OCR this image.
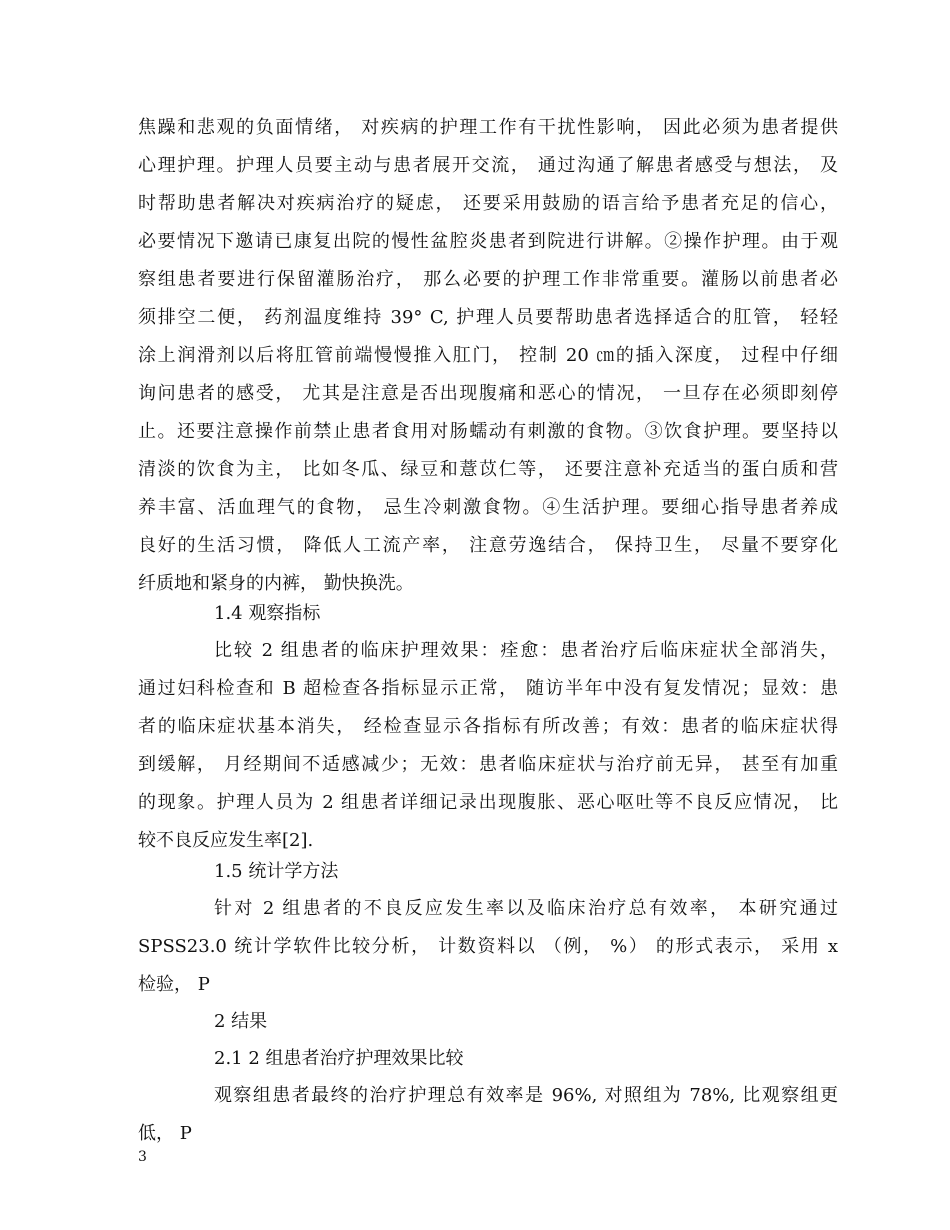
焦躁和悲观的负面情绪， 对疾病的护理工作有干扰性影响， 因此必须为患者提供
心理护理。护理人员要主动与患者展开交流， 通过沟通了解患者感受与想法， 及
时帮助患者解决对疾病治疗的疑虑， 还要采用鼓励的语言给予患者充足的信心，
必要情况下邀请已康复出院的慢性盆腔炎患者到院进行讲解。②操作护理。由于观
察组患者要进行保留灌肠治疗， 那么必要的护理工作非常重要。灌肠以前患者必
须排空二便， 药剂温度维持 39° C, 护理人员要帮助患者选择适合的肛管， 轻轻
涂上润滑剂以后将肛管前端慢慢推入肛门， 控制 20 ㎝的插入深度， 过程中仔细
询问患者的感受， 尤其是注意是否出现腹痛和恶心的情况， 一旦存在必须即刻停
止。还要注意操作前禁止患者食用对肠蠕动有刺激的食物。③饮食护理。要坚持以
清淡的饮食为主， 比如冬瓜、绿豆和薏苡仁等， 还要注意补充适当的蛋白质和营
养丰富、活血理气的食物， 忌生冷刺激食物。④生活护理。要细心指导患者养成
良好的生活习惯， 降低人工流产率， 注意劳逸结合， 保持卫生， 尽量不要穿化
纤质地和紧身的内裤， 勤快换洗。
1.4 观察指标
比较 2 组患者的临床护理效果：痊愈：患者治疗后临床症状全部消失，
通过妇科检查和 B 超检查各指标显示正常， 随访半年中没有复发情况；显效：患
者的临床症状基本消失， 经检查显示各指标有所改善；有效：患者的临床症状得
到缓解， 月经期间不适感减少；无效：患者临床症状与治疗前无异， 甚至有加重
的现象。护理人员为 2 组患者详细记录出现腹胀、恶心呕吐等不良反应情况， 比
较不良反应发生率[2].
1.5 统计学方法
针对 2 组患者的不良反应发生率以及临床治疗总有效率， 本研究通过
SPSS23.0 统计学软件比较分析， 计数资料以 （例， %） 的形式表示， 采用 x
检验， P
2 结果
2.1 2 组患者治疗护理效果比较
观察组患者最终的治疗护理总有效率是 96%, 对照组为 78%, 比观察组更
低， P
3
